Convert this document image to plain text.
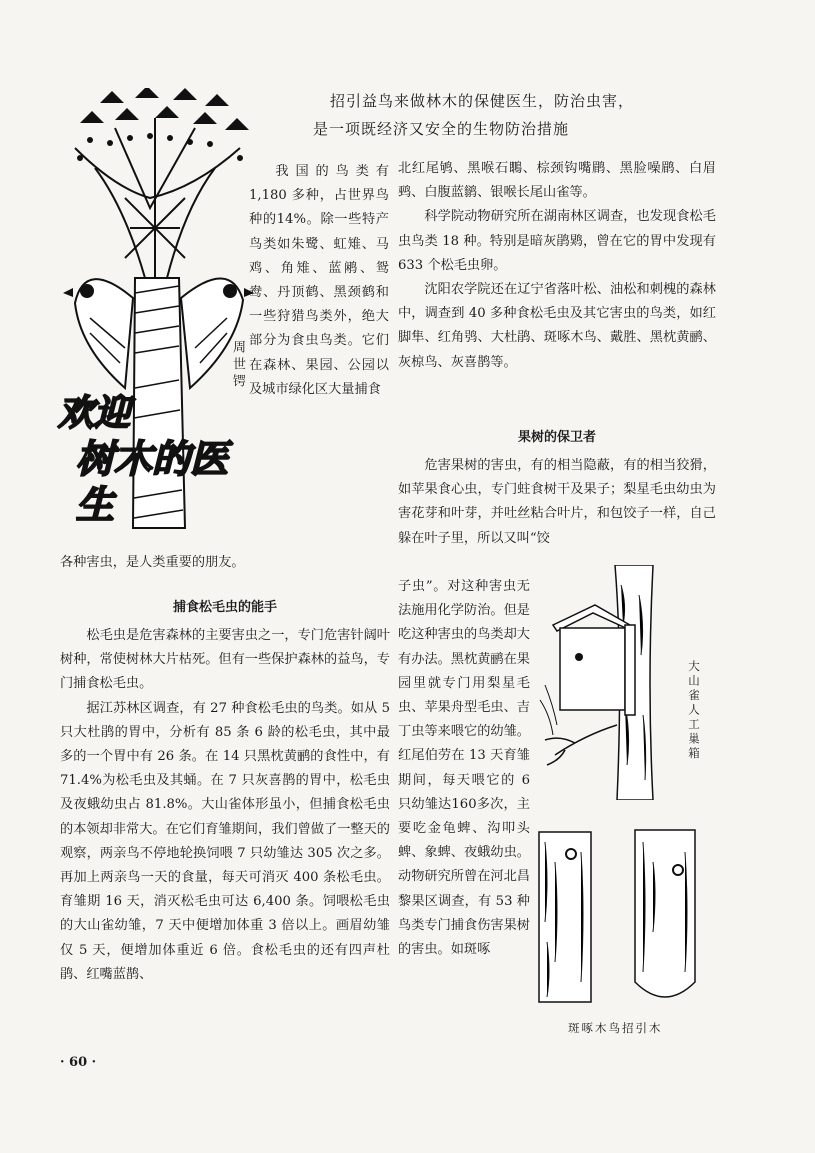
招引益鸟来做林木的保健医生，防治虫害，
是一项既经济又安全的生物防治措施
欢迎
树木的医生
周世锷

我国的鸟类有 1,180 多种，占世界鸟种的14%。除一些特产鸟类如朱鹭、虹雉、马鸡、角雉、蓝鹇、鸳鸯、丹顶鹤、黑颈鹤和一些狩猎鸟类外，绝大部分为食虫鸟类。它们在森林、果园、公园以及城市绿化区大量捕食

各种害虫，是人类重要的朋友。

捕食松毛虫的能手

松毛虫是危害森林的主要害虫之一，专门危害针阔叶树种，常使树林大片枯死。但有一些保护森林的益鸟，专门捕食松毛虫。

据江苏林区调查，有 27 种食松毛虫的鸟类。如从 5 只大杜鹃的胃中，分析有 85 条 6 龄的松毛虫，其中最多的一个胃中有 26 条。在 14 只黑枕黄鹂的食性中，有 71.4%为松毛虫及其蛹。在 7 只灰喜鹊的胃中，松毛虫及夜蛾幼虫占 81.8%。大山雀体形虽小，但捕食松毛虫的本领却非常大。在它们育雏期间，我们曾做了一整天的观察，两亲鸟不停地轮换饲喂 7 只幼雏达 305 次之多。再加上两亲鸟一天的食量，每天可消灭 400 条松毛虫。育雏期 16 天，消灭松毛虫可达 6,400 条。饲喂松毛虫的大山雀幼雏，7 天中便增加体重 3 倍以上。画眉幼雏仅 5 天，便增加体重近 6 倍。食松毛虫的还有四声杜鹃、红嘴蓝鹊、

北红尾鸲、黑喉石䳭、棕颈钩嘴鹛、黑脸噪鹛、白眉鹀、白腹蓝鹟、银喉长尾山雀等。

科学院动物研究所在湖南林区调查，也发现食松毛虫鸟类 18 种。特别是暗灰鹃䴗，曾在它的胃中发现有 633 个松毛虫卵。

沈阳农学院还在辽宁省落叶松、油松和刺槐的森林中，调查到 40 多种食松毛虫及其它害虫的鸟类，如红脚隼、红角鸮、大杜鹃、斑啄木鸟、戴胜、黑枕黄鹂、灰椋鸟、灰喜鹊等。

果树的保卫者

危害果树的害虫，有的相当隐蔽，有的相当狡猾，如苹果食心虫，专门蛀食树干及果子；梨星毛虫幼虫为害花芽和叶芽，并吐丝粘合叶片，和包饺子一样，自己躲在叶子里，所以又叫“饺

子虫”。对这种害虫无法施用化学防治。但是吃这种害虫的鸟类却大有办法。黑枕黄鹂在果园里就专门用梨星毛虫、苹果舟型毛虫、吉丁虫等来喂它的幼雏。红尾伯劳在 13 天育雏期间，每天喂它的 6 只幼雏达160多次，主要吃金龟蜱、沟叩头蜱、象蜱、夜蛾幼虫。动物研究所曾在河北昌黎果区调查，有 53 种鸟类专门捕食伤害果树的害虫。如斑啄

大山雀人工巢箱
斑啄木鸟招引木
· 60 ·
